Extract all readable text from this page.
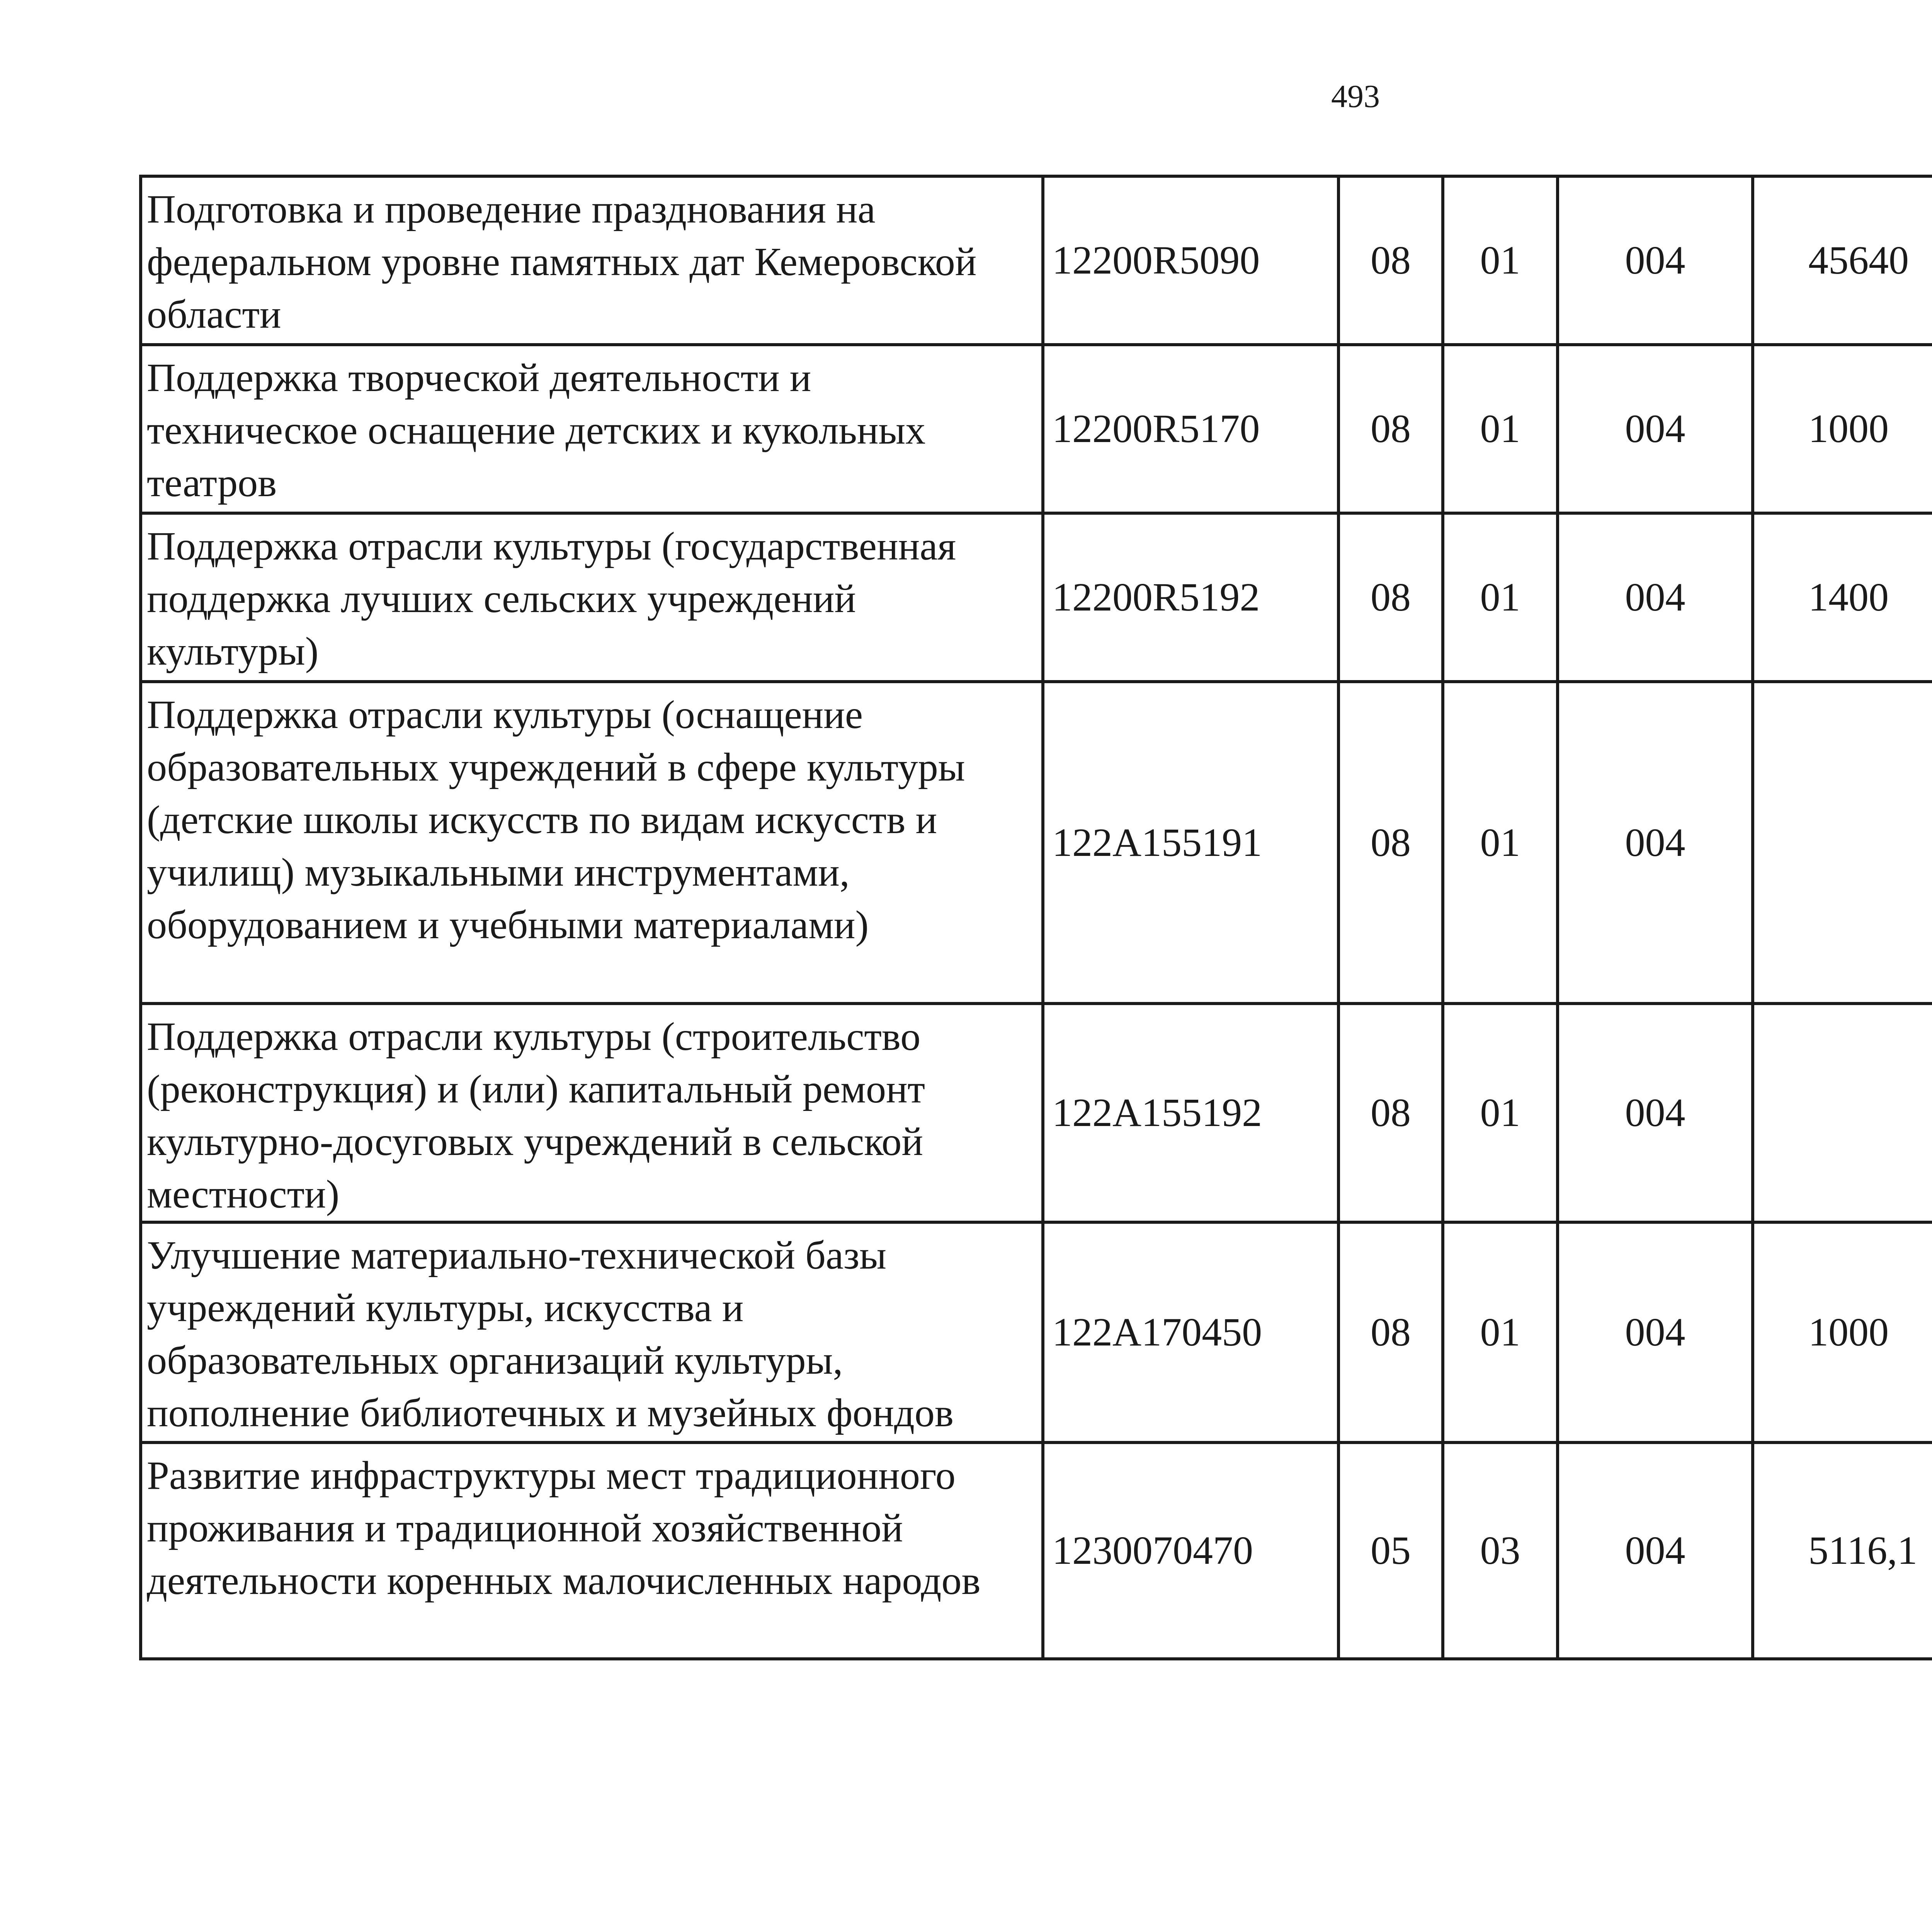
493
Подготовка и проведение празднования на
федеральном уровне памятных дат Кемеровской
области	12200R5090	08	01	004	45640		
Поддержка творческой деятельности и
техническое оснащение детских и кукольных
театров	12200R5170	08	01	004	1000		
Поддержка отрасли культуры (государственная
поддержка лучших сельских учреждений
культуры)	12200R5192	08	01	004	1400		
Поддержка отрасли культуры (оснащение
образовательных учреждений в сфере культуры
(детские школы искусств по видам искусств и
училищ) музыкальными инструментами,
оборудованием и учебными материалами)	122A155191	08	01	004			
Поддержка отрасли культуры (строительство
(реконструкция) и (или) капитальный ремонт
культурно-досуговых учреждений в сельской
местности)	122A155192	08	01	004			
Улучшение материально-технической базы
учреждений культуры, искусства и
образовательных организаций культуры,
пополнение библиотечных и музейных фондов	122A170450	08	01	004	1000		
Развитие инфраструктуры мест традиционного
проживания и традиционной хозяйственной
деятельности коренных малочисленных народов	1230070470	05	03	004	5116,1		
